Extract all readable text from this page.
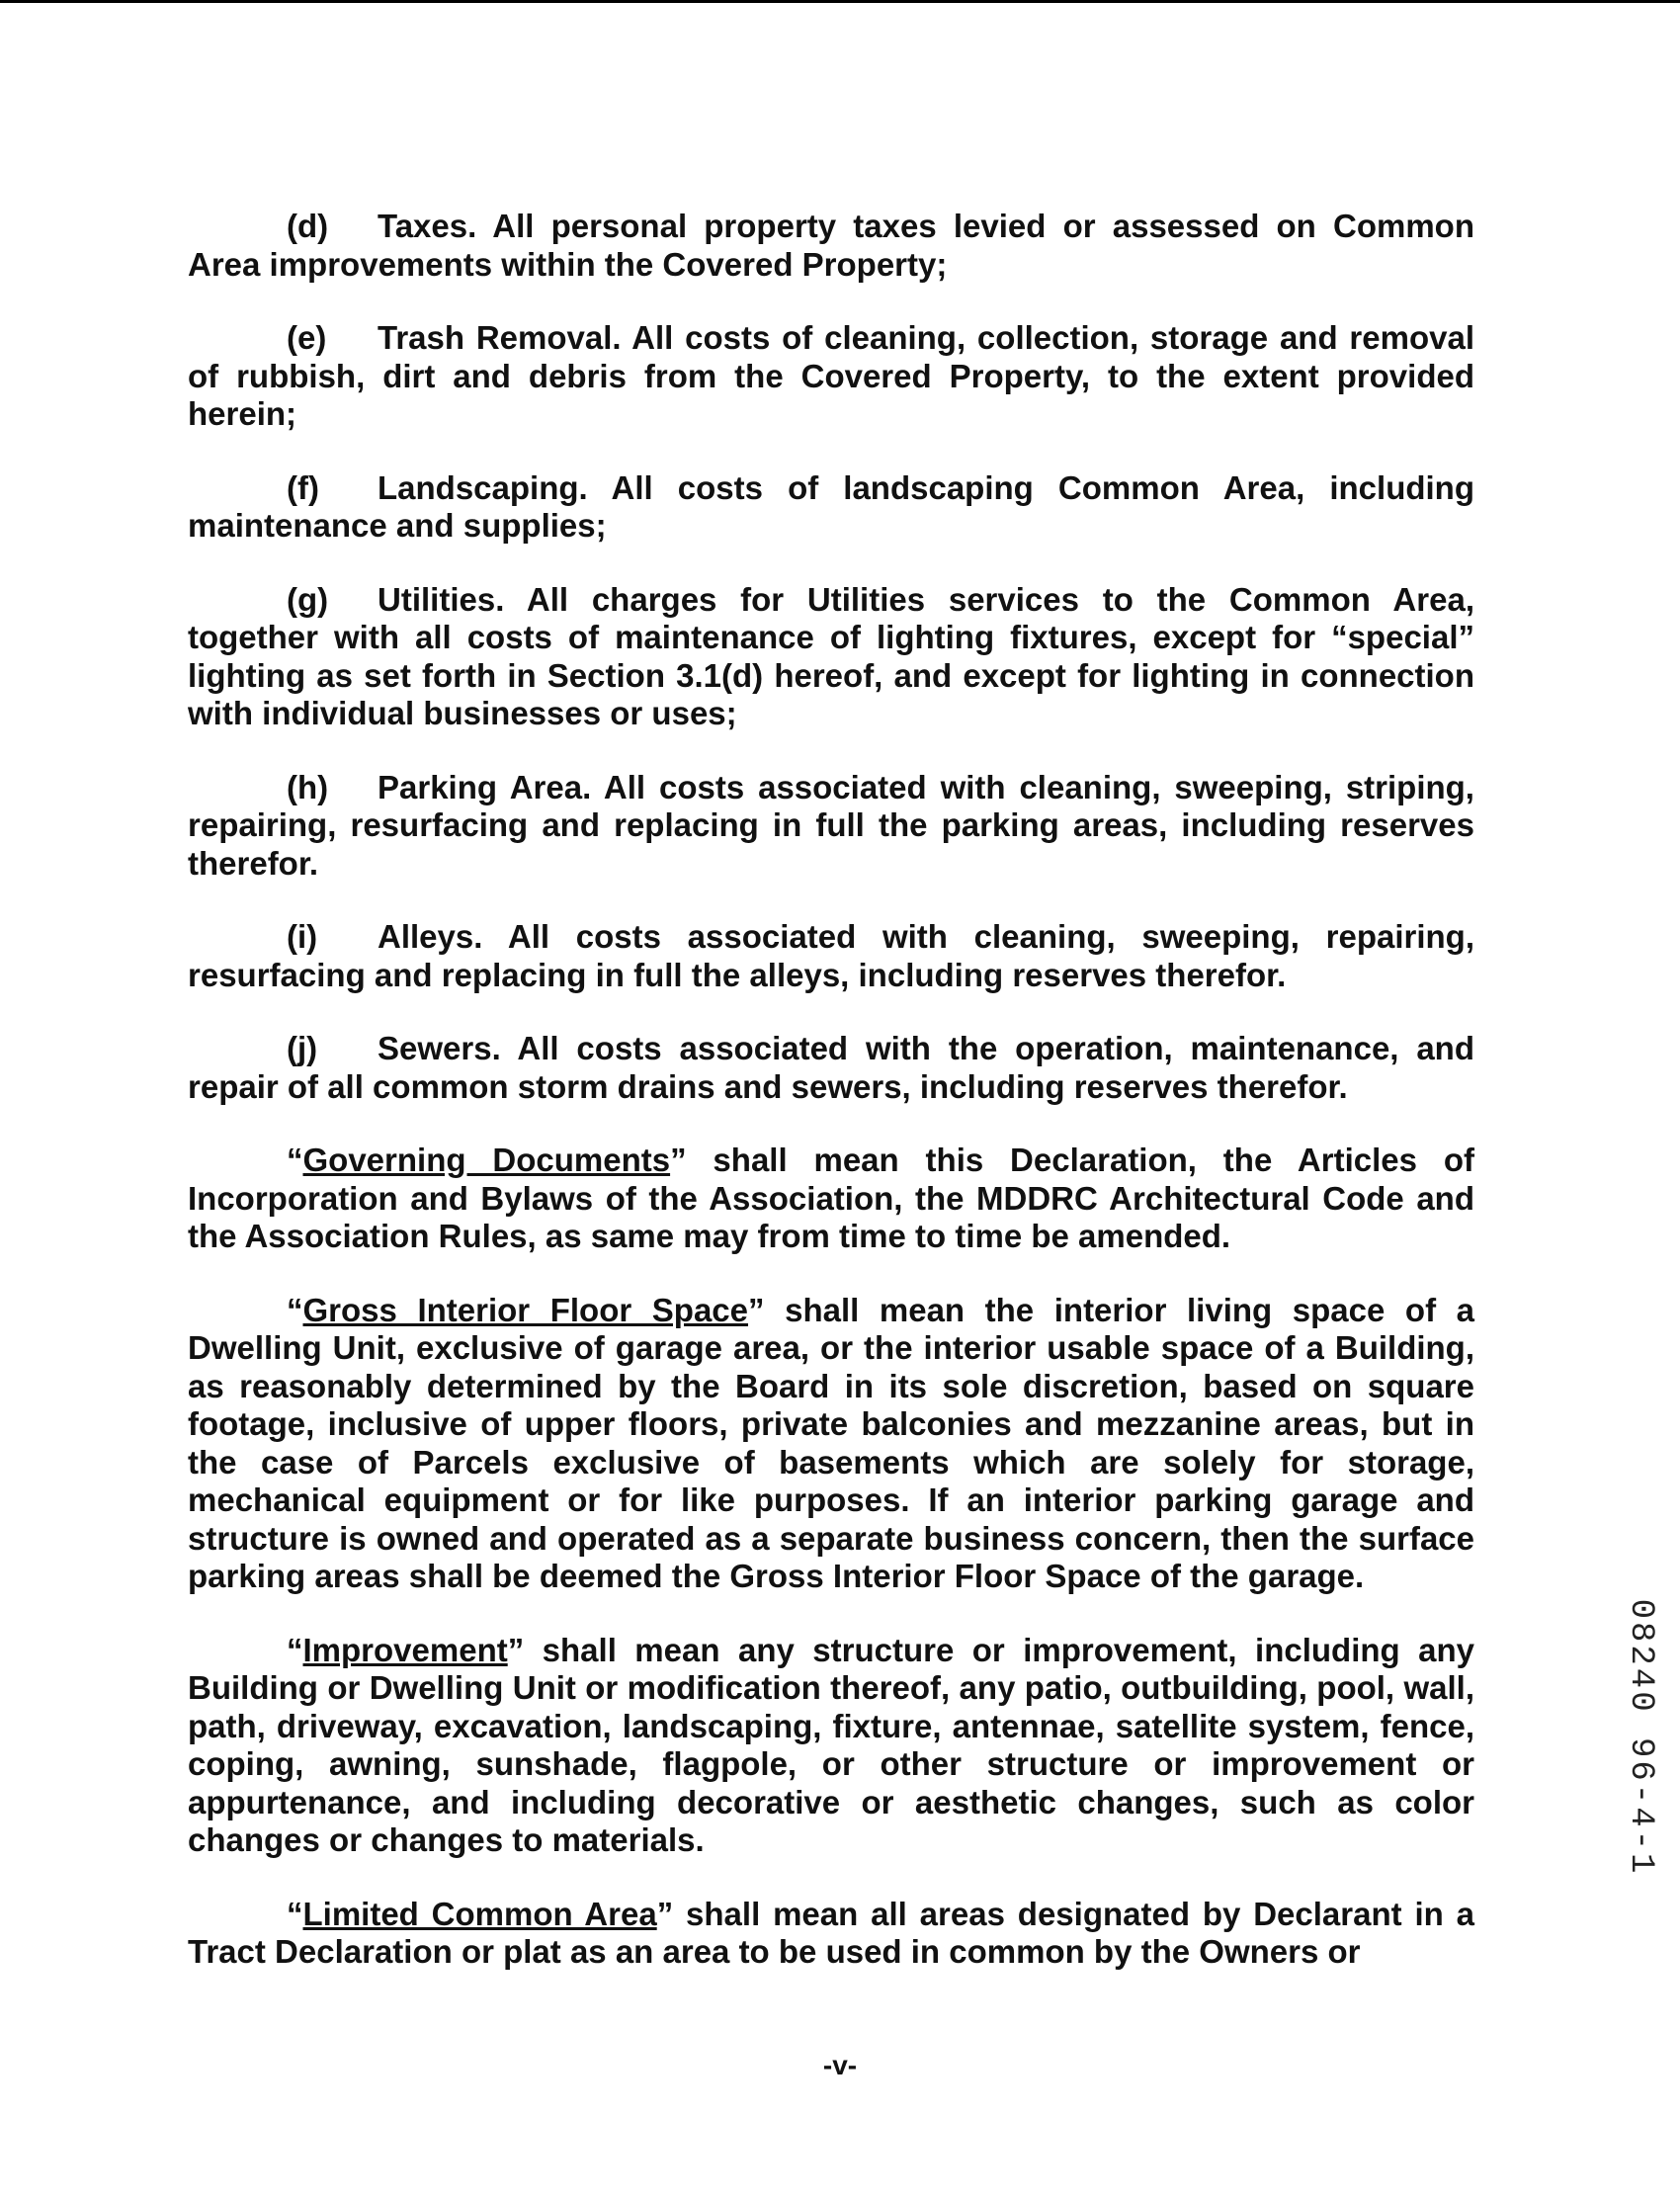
(d) Taxes. All personal property taxes levied or assessed on Common Area improvements within the Covered Property;

(e) Trash Removal. All costs of cleaning, collection, storage and removal of rubbish, dirt and debris from the Covered Property, to the extent provided herein;

(f) Landscaping. All costs of landscaping Common Area, including maintenance and supplies;

(g) Utilities. All charges for Utilities services to the Common Area, together with all costs of maintenance of lighting fixtures, except for “special” lighting as set forth in Section 3.1(d) hereof, and except for lighting in connection with individual businesses or uses;

(h) Parking Area. All costs associated with cleaning, sweeping, striping, repairing, resurfacing and replacing in full the parking areas, including reserves therefor.

(i) Alleys. All costs associated with cleaning, sweeping, repairing, resurfacing and replacing in full the alleys, including reserves therefor.

(j) Sewers. All costs associated with the operation, maintenance, and repair of all common storm drains and sewers, including reserves therefor.

“Governing Documents” shall mean this Declaration, the Articles of Incorporation and Bylaws of the Association, the MDDRC Architectural Code and the Association Rules, as same may from time to time be amended.

“Gross Interior Floor Space” shall mean the interior living space of a Dwelling Unit, exclusive of garage area, or the interior usable space of a Building, as reasonably determined by the Board in its sole discretion, based on square footage, inclusive of upper floors, private balconies and mezzanine areas, but in the case of Parcels exclusive of basements which are solely for storage, mechanical equipment or for like purposes. If an interior parking garage and structure is owned and operated as a separate business concern, then the surface parking areas shall be deemed the Gross Interior Floor Space of the garage.

“Improvement” shall mean any structure or improvement, including any Building or Dwelling Unit or modification thereof, any patio, outbuilding, pool, wall, path, driveway, excavation, landscaping, fixture, antennae, satellite system, fence, coping, awning, sunshade, flagpole, or other structure or improvement or appurtenance, and including decorative or aesthetic changes, such as color changes or changes to materials.

“Limited Common Area” shall mean all areas designated by Declarant in a Tract Declaration or plat as an area to be used in common by the Owners or

08240 96-4-1
-v-
